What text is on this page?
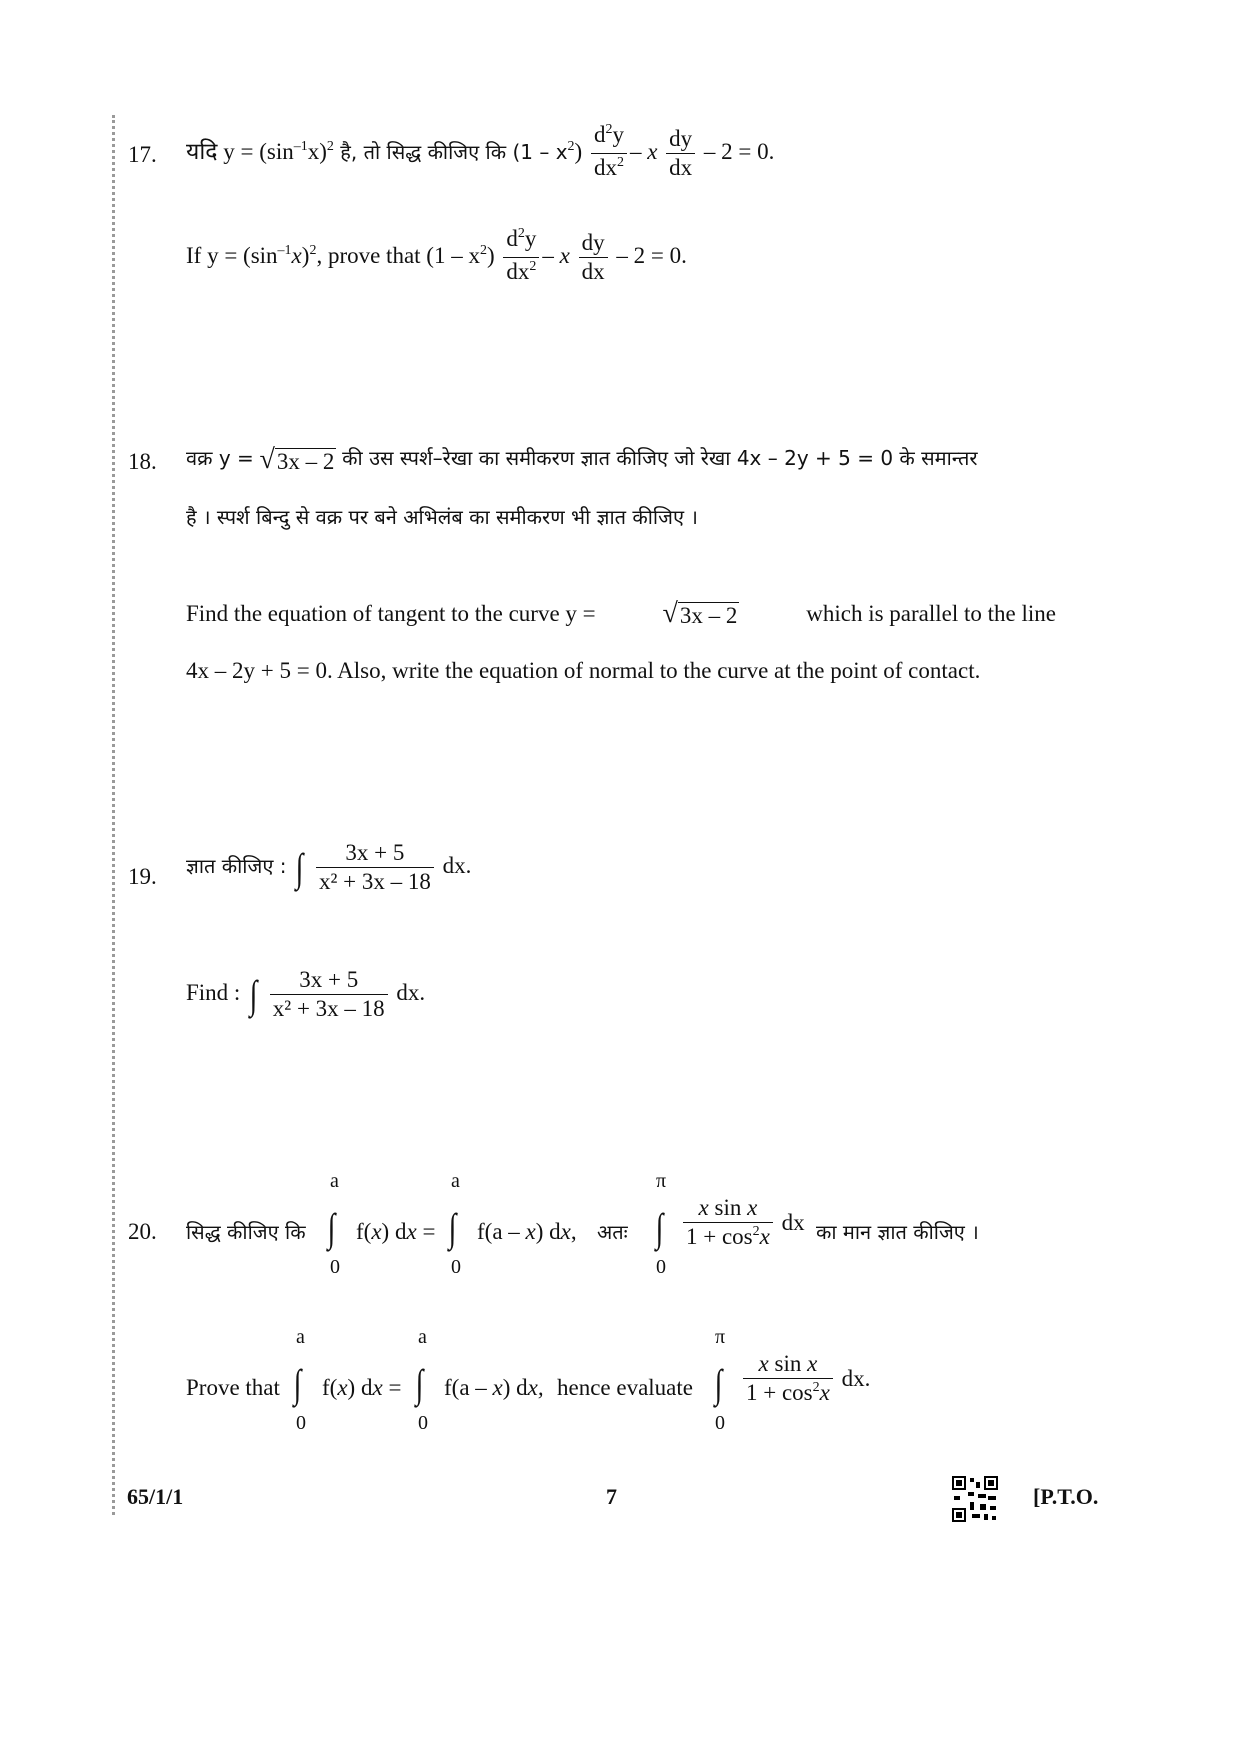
17. यदि $y = (\sin^{-1}x)^2$ है, तो सिद्ध कीजिए कि $(1 - x^2) \frac{d^2y}{dx^2} - x \frac{dy}{dx} - 2 = 0$.
If $y = (\sin^{-1}x)^2$, prove that $(1 - x^2) \frac{d^2y}{dx^2} - x \frac{dy}{dx} - 2 = 0$.
18. वक्र y = √ 3x – 2 की उस स्पर्श–रेखा का समीकरण ज्ञात कीजिए जो रेखा 4x – 2y + 5 = 0 के समान्तर
है । स्पर्श बिन्दु से वक्र पर बने अभिलंब का समीकरण भी ज्ञात कीजिए ।
Find the equation of tangent to the curve y = √ 3x – 2	which is parallel to the line
4x – 2y + 5 = 0. Also, write the equation of normal to the curve at the point of contact.
19. ज्ञात कीजिए : ∫ $\frac{3x + 5}{\text{x² + 3x – 18}}$ dx.
Find : ∫ $\frac{3x + 5}{\text{x² + 3x – 18}}$ dx.
20. सिद्ध कीजिए कि
a
∫
0
f(x) dx =
a
∫
0
f(a – x) dx, अतः
π
∫
0
$\frac{\text{x sin x}}{1 + \cos^2x}$ dx का मान ज्ञात कीजिए ।
Prove that
a
∫
0
f(x) dx =
a
∫
0
f(a – x) dx, hence evaluate
π
∫
0
$\frac{\text{x sin x}}{1 + \cos^2x}$ dx.
65/1/1	7	[P.T.O.
